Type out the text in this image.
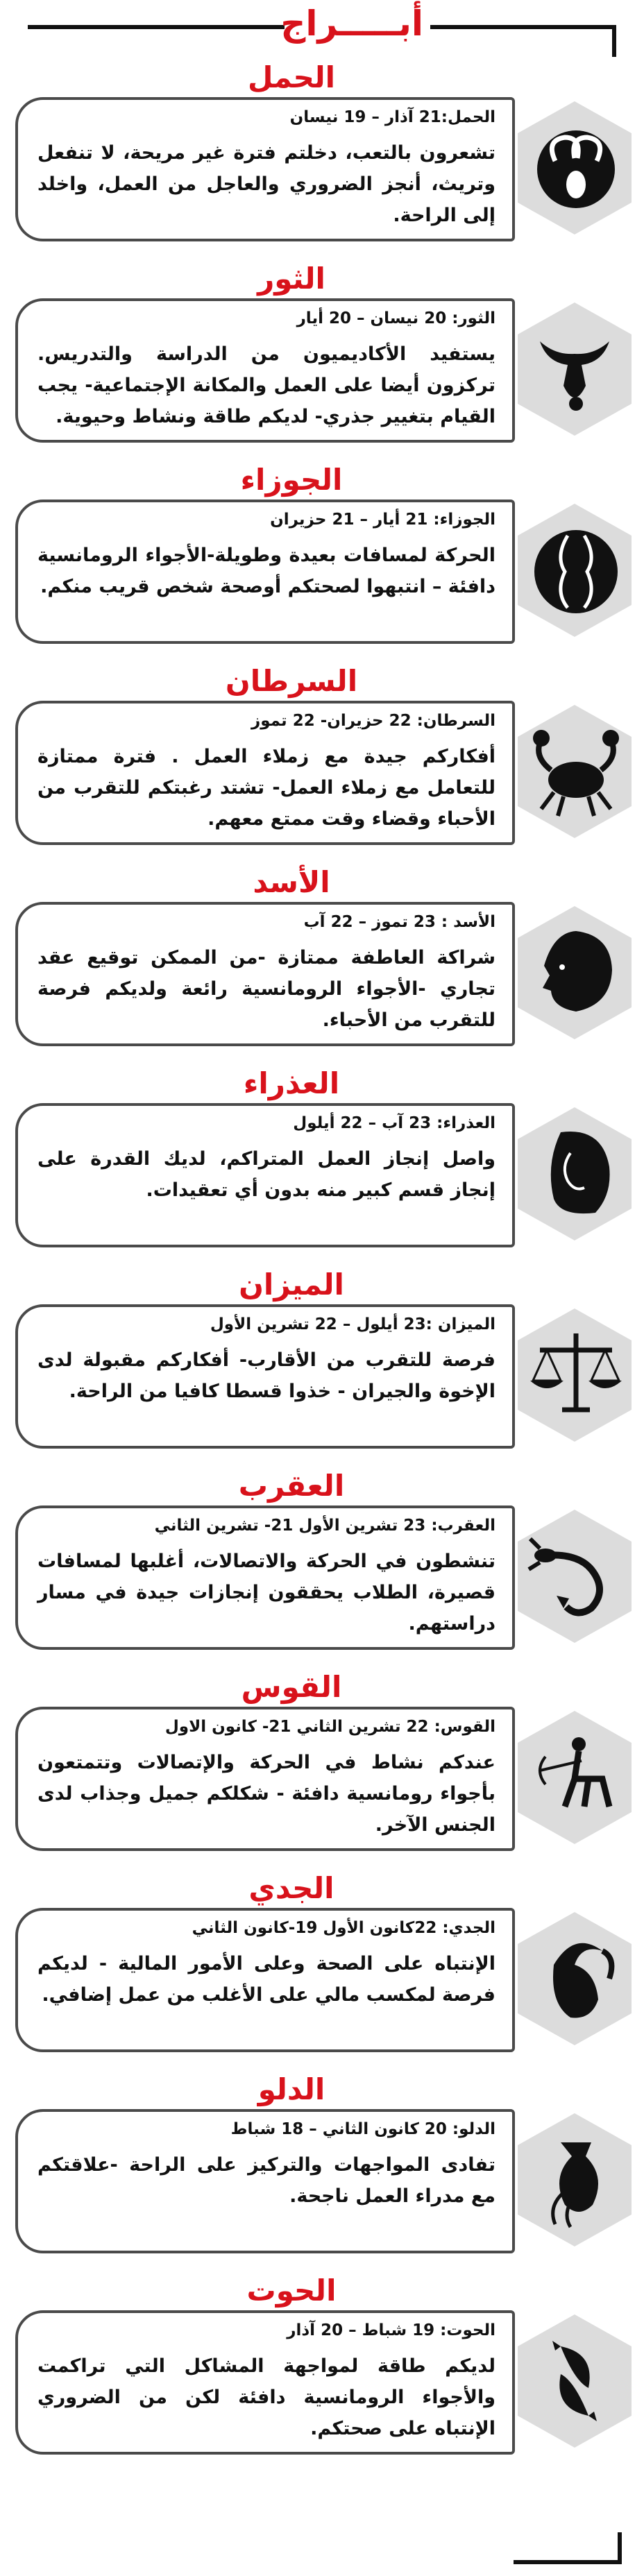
أبـــــراج
الحمل
الحمل:21 آذار – 19 نيسان
تشعرون بالتعب، دخلتم فترة غير مريحة، لا تنفعل وتريث، أنجز الضروري والعاجل من العمل، واخلد إلى الراحة.
الثور
الثور: 20 نيسان – 20 أيار
يستفيد الأكاديميون من الدراسة والتدريس. تركزون أيضا على العمل والمكانة الإجتماعية- يجب القيام بتغيير جذري- لديكم طاقة ونشاط وحيوية.
الجوزاء
الجوزاء: 21 أيار – 21 حزيران
الحركة لمسافات بعيدة وطويلة-الأجواء الرومانسية دافئة – انتبهوا لصحتكم أوصحة شخص قريب منكم.
السرطان
السرطان: 22 حزيران- 22 تموز
أفكاركم جيدة مع زملاء العمل . فترة ممتازة للتعامل مع زملاء العمل- تشتد رغبتكم للتقرب من الأحباء وقضاء وقت ممتع معهم.
الأسد
الأسد : 23 تموز – 22 آب
شراكة العاطفة ممتازة -من الممكن توقيع عقد تجاري -الأجواء الرومانسية رائعة ولديكم فرصة للتقرب من الأحباء.
العذراء
العذراء: 23 آب – 22 أيلول
واصل إنجاز العمل المتراكم، لديك القدرة على إنجاز قسم كبير منه بدون أي تعقيدات.
الميزان
الميزان :23 أيلول – 22 تشرين الأول
فرصة للتقرب من الأقارب- أفكاركم مقبولة لدى الإخوة والجيران - خذوا قسطا كافيا من الراحة.
العقرب
العقرب: 23 تشرين الأول 21- تشرين الثاني
تنشطون في الحركة والاتصالات، أغلبها لمسافات قصيرة، الطلاب يحققون إنجازات جيدة في مسار دراستهم.
القوس
القوس: 22 تشرين الثاني 21- كانون الاول
عندكم نشاط في الحركة والإتصالات وتتمتعون بأجواء رومانسية دافئة - شكلكم جميل وجذاب لدى الجنس الآخر.
الجدي
الجدي: 22كانون الأول 19-كانون الثاني
الإنتباه على الصحة وعلى الأمور المالية - لديكم فرصة لمكسب مالي على الأغلب من عمل إضافي.
الدلو
الدلو: 20 كانون الثاني – 18 شباط
تفادى المواجهات والتركيز على الراحة -علاقتكم مع مدراء العمل ناجحة.
الحوت
الحوت: 19 شباط – 20 آذار
لديكم طاقة لمواجهة المشاكل التي تراكمت والأجواء الرومانسية دافئة لكن من الضروري الإنتباه على صحتكم.
